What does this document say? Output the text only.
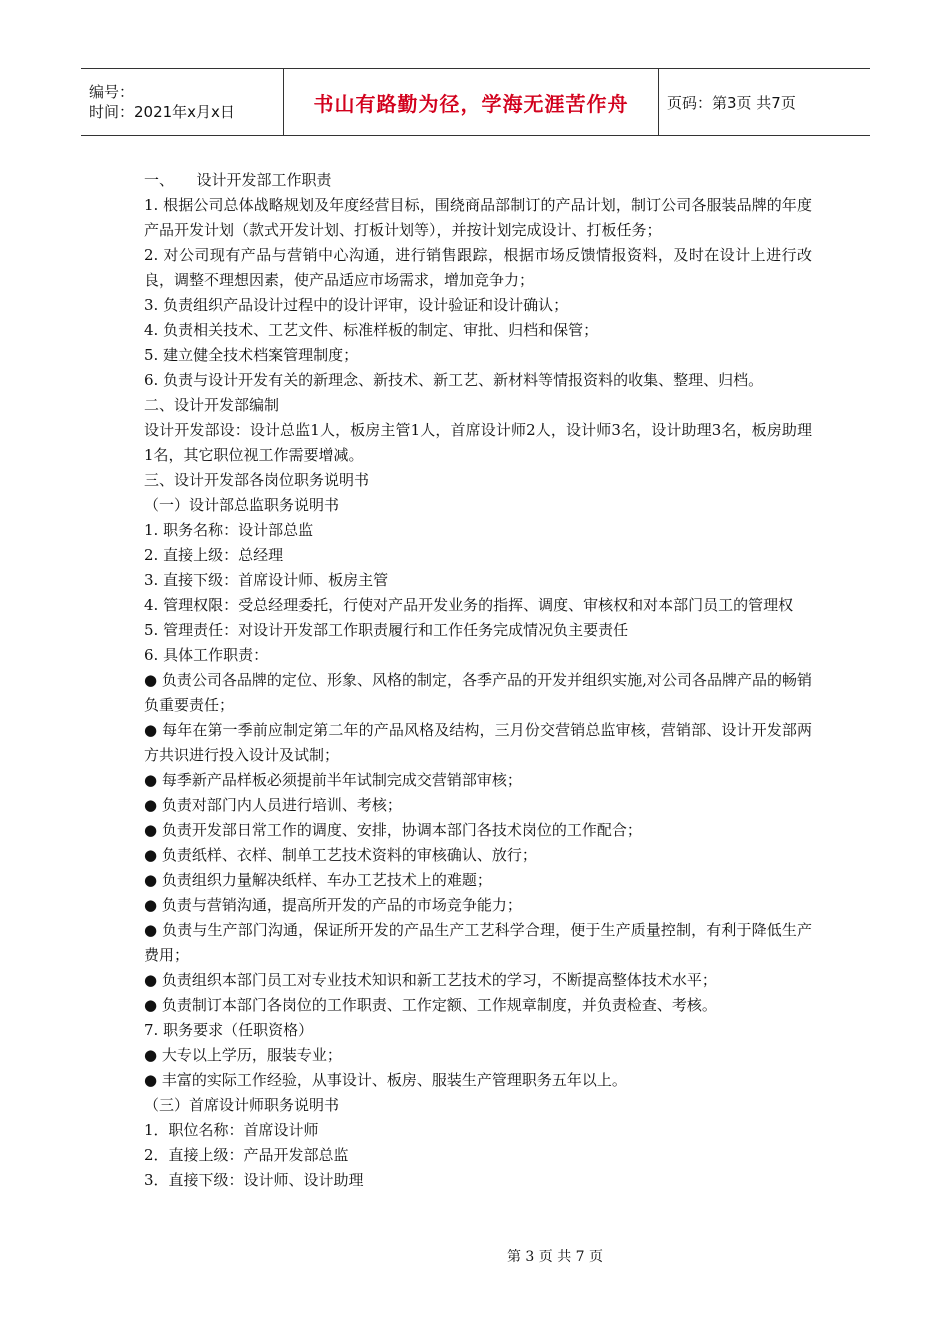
编号：
时间：2021年x月x日	书山有路勤为径，学海无涯苦作舟	页码：第3页 共7页

一、　　设计开发部工作职责

1. 根据公司总体战略规划及年度经营目标，围绕商品部制订的产品计划，制订公司各服装品牌的年度产品开发计划（款式开发计划、打板计划等），并按计划完成设计、打板任务；

2. 对公司现有产品与营销中心沟通，进行销售跟踪，根据市场反馈情报资料，及时在设计上进行改良，调整不理想因素，使产品适应市场需求，增加竞争力；

3. 负责组织产品设计过程中的设计评审，设计验证和设计确认；

4. 负责相关技术、工艺文件、标准样板的制定、审批、归档和保管；

5. 建立健全技术档案管理制度；

6. 负责与设计开发有关的新理念、新技术、新工艺、新材料等情报资料的收集、整理、归档。

二、设计开发部编制

设计开发部设：设计总监1人，板房主管1人，首席设计师2人，设计师3名，设计助理3名，板房助理1名，其它职位视工作需要增减。

三、设计开发部各岗位职务说明书

（一）设计部总监职务说明书

1. 职务名称：设计部总监

2. 直接上级：总经理

3. 直接下级：首席设计师、板房主管

4. 管理权限：受总经理委托，行使对产品开发业务的指挥、调度、审核权和对本部门员工的管理权

5. 管理责任：对设计开发部工作职责履行和工作任务完成情况负主要责任

6. 具体工作职责：

● 负责公司各品牌的定位、形象、风格的制定，各季产品的开发并组织实施,对公司各品牌产品的畅销负重要责任；

● 每年在第一季前应制定第二年的产品风格及结构，三月份交营销总监审核，营销部、设计开发部两方共识进行投入设计及试制；

● 每季新产品样板必须提前半年试制完成交营销部审核；

● 负责对部门内人员进行培训、考核；

● 负责开发部日常工作的调度、安排，协调本部门各技术岗位的工作配合；

● 负责纸样、衣样、制单工艺技术资料的审核确认、放行；

● 负责组织力量解决纸样、车办工艺技术上的难题；

● 负责与营销沟通，提高所开发的产品的市场竞争能力；

● 负责与生产部门沟通，保证所开发的产品生产工艺科学合理，便于生产质量控制，有利于降低生产费用；

● 负责组织本部门员工对专业技术知识和新工艺技术的学习，不断提高整体技术水平；

● 负责制订本部门各岗位的工作职责、工作定额、工作规章制度，并负责检查、考核。

7. 职务要求（任职资格）

● 大专以上学历，服装专业；

● 丰富的实际工作经验，从事设计、板房、服装生产管理职务五年以上。

（三）首席设计师职务说明书

1．职位名称：首席设计师

2．直接上级：产品开发部总监

3．直接下级：设计师、设计助理

第 3 页 共 7 页
